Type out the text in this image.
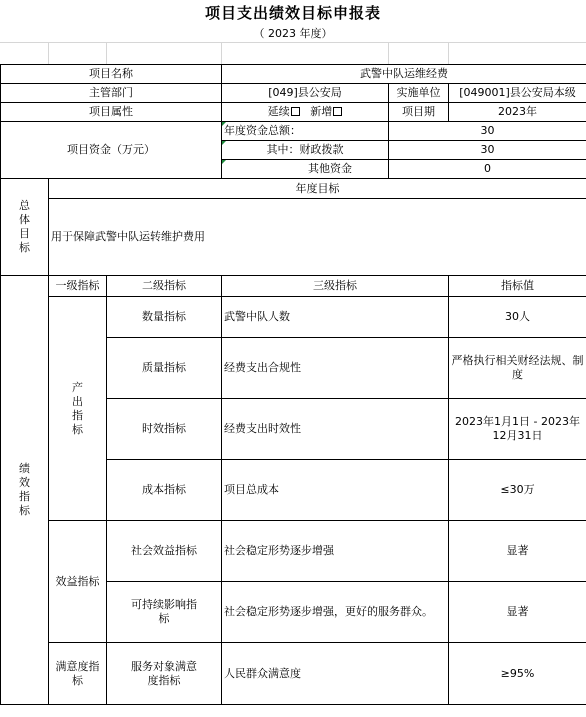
项目支出绩效目标申报表
（ 2023 年度）
项目名称			武警中队运维经费		
主管部门			[049]县公安局	实施单位	[049001]县公安局本级
项目属性			延续 新增	项目期	2023年
项目资金（万元）			年度资金总额：	30	

其中：财政拨款	30	

其他资金	0	
总体目标	年度目标				
	用于保障武警中队运转维护费用				
绩效指标	一级指标	二级指标	三级指标		指标值
	产出指标	数量指标	武警中队人数		30人
		质量指标	经费支出合规性		严格执行相关财经法规、制度
		时效指标	经费支出时效性		2023年1月1日 - 2023年12月31日
		成本指标	项目总成本		≤30万
	效益指标	社会效益指标	社会稳定形势逐步增强		显著
		可持续影响指标	社会稳定形势逐步增强，更好的服务群众。		显著
	满意度指标	服务对象满意度指标	人民群众满意度		≥95%
